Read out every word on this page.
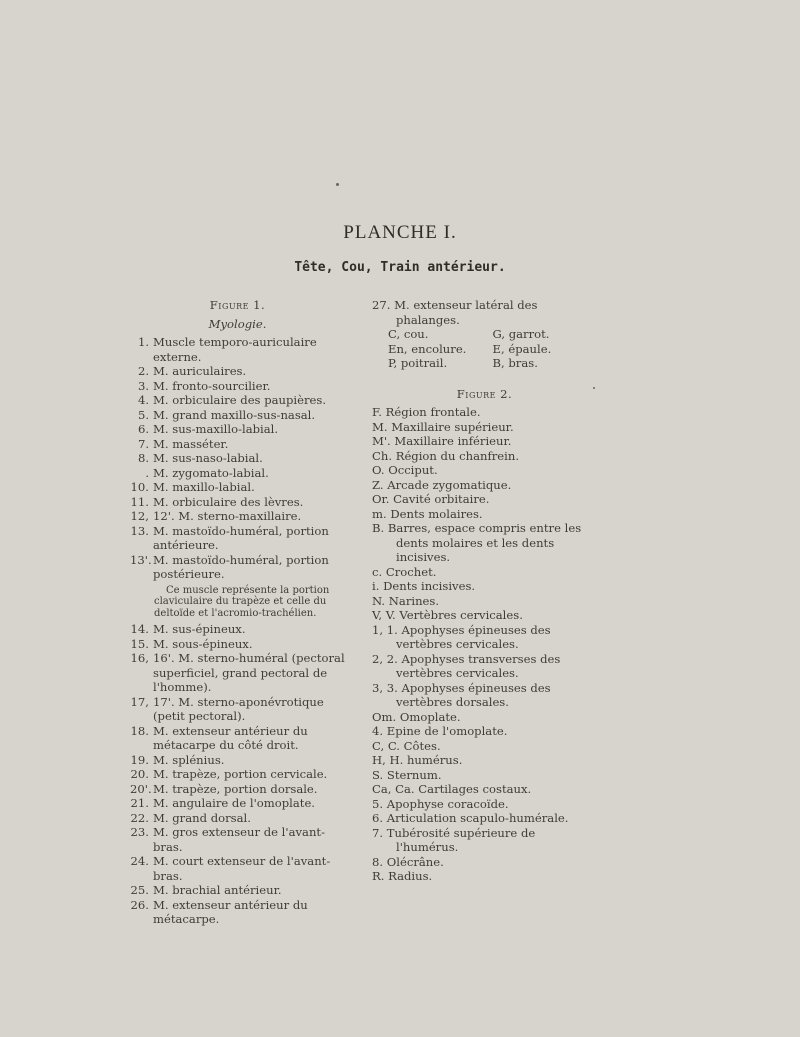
PLANCHE I.
Tête, Cou, Train antérieur.
Figure 1.
Myologie.
1. Muscle temporo-auriculaire externe.
2. M. auriculaires.
3. M. fronto-sourcilier.
4. M. orbiculaire des paupières.
5. M. grand maxillo-sus-nasal.
6. M. sus-maxillo-labial.
7. M. masséter.
8. M. sus-naso-labial.
. M. zygomato-labial.
10. M. maxillo-labial.
11. M. orbiculaire des lèvres.
12, 12'. M. sterno-maxillaire.
13. M. mastoïdo-huméral, portion antérieure.
13'. M. mastoïdo-huméral, portion postérieure.
Ce muscle représente la portion claviculaire du trapèze et celle du deltoïde et l'acromio-trachélien.
14. M. sus-épineux.
15. M. sous-épineux.
16, 16'. M. sterno-huméral (pectoral superficiel, grand pectoral de l'homme).
17, 17'. M. sterno-aponévrotique (petit pectoral).
18. M. extenseur antérieur du métacarpe du côté droit.
19. M. splénius.
20. M. trapèze, portion cervicale.
20'. M. trapèze, portion dorsale.
21. M. angulaire de l'omoplate.
22. M. grand dorsal.
23. M. gros extenseur de l'avant-bras.
24. M. court extenseur de l'avant-bras.
25. M. brachial antérieur.
26. M. extenseur antérieur du métacarpe.
27. M. extenseur latéral des phalanges.
C, cou.	G, garrot.
En, encolure.	E, épaule.
P, poitrail.	B, bras.
Figure 2.
F. Région frontale.
M. Maxillaire supérieur.
M'. Maxillaire inférieur.
Ch. Région du chanfrein.
O. Occiput.
Z. Arcade zygomatique.
Or. Cavité orbitaire.
m. Dents molaires.
B. Barres, espace compris entre les dents molaires et les dents incisives.
c. Crochet.
i. Dents incisives.
N. Narines.
V, V. Vertèbres cervicales.
1, 1. Apophyses épineuses des vertèbres cervicales.
2, 2. Apophyses transverses des vertèbres cervicales.
3, 3. Apophyses épineuses des vertèbres dorsales.
Om. Omoplate.
4. Epine de l'omoplate.
C, C. Côtes.
H, H. humérus.
S. Sternum.
Ca, Ca. Cartilages costaux.
5. Apophyse coracoïde.
6. Articulation scapulo-humérale.
7. Tubérosité supérieure de l'humérus.
8. Olécrâne.
R. Radius.
